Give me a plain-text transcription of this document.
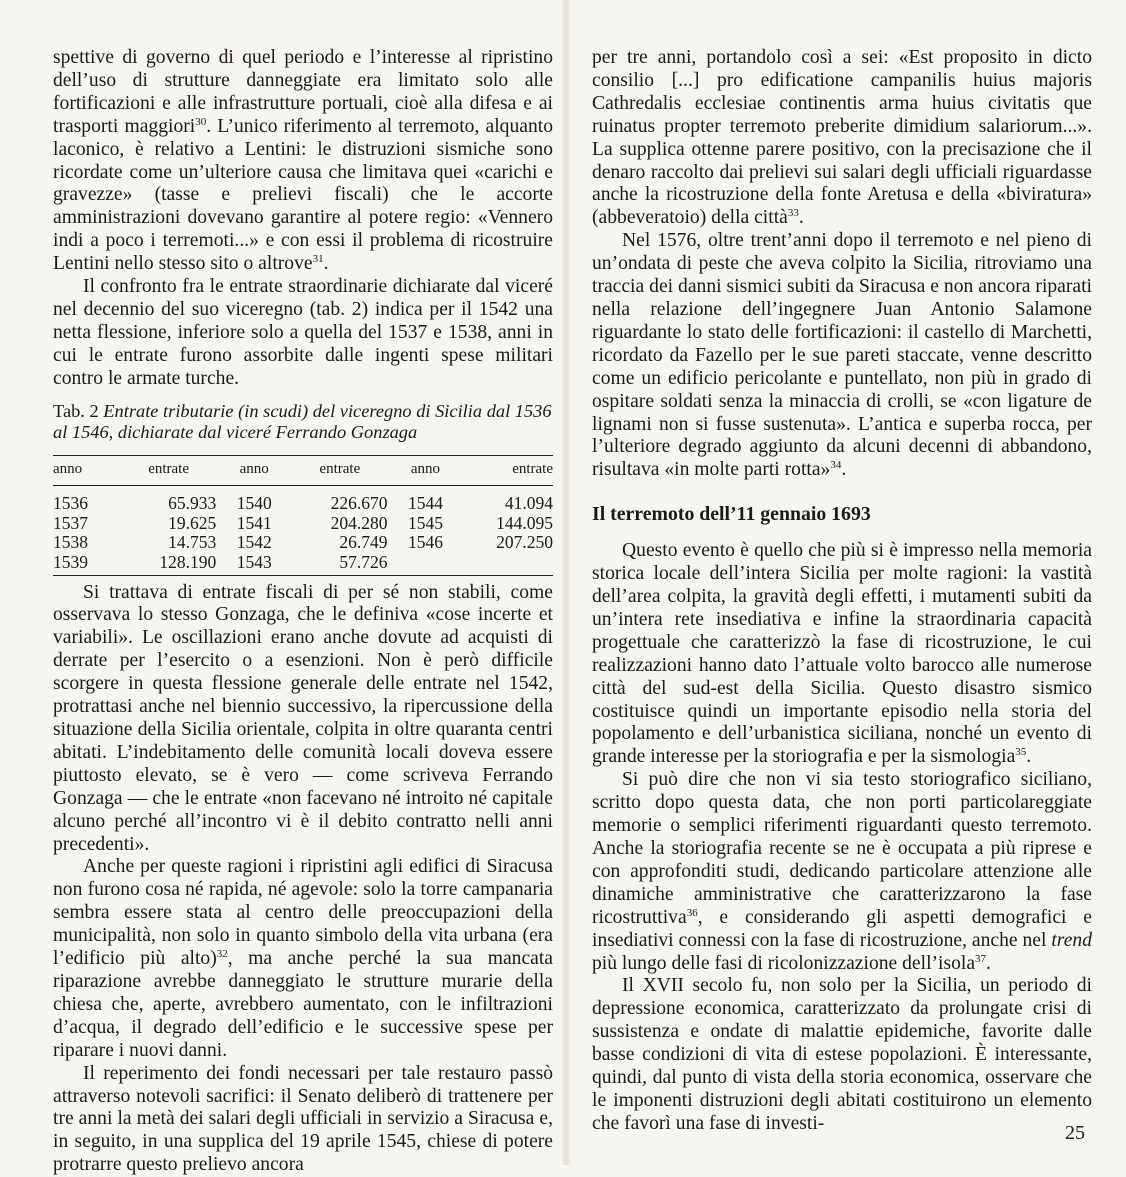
spettive di governo di quel periodo e l’interesse al ripristino dell’uso di strutture danneggiate era limitato solo alle fortificazioni e alle infrastrutture portuali, cioè alla difesa e ai trasporti maggiori$^{30}$. L’unico riferimento al terremoto, alquanto laconico, è relativo a Lentini: le distruzioni sismiche sono ricordate come un’ulteriore causa che limitava quei «carichi e gravezze» (tasse e prelievi fiscali) che le accorte amministrazioni dovevano garantire al potere regio: «Vennero indi a poco i terremoti...» e con essi il problema di ricostruire Lentini nello stesso sito o altrove$^{31}$.

Il confronto fra le entrate straordinarie dichiarate dal viceré nel decennio del suo viceregno (tab. 2) indica per il 1542 una netta flessione, inferiore solo a quella del 1537 e 1538, anni in cui le entrate furono assorbite dalle ingenti spese militari contro le armate turche.

Tab. 2 Entrate tributarie (in scudi) del viceregno di Sicilia dal 1536 al 1546, dichiarate dal viceré Ferrando Gonzaga
anno	entrate	anno	entrate	anno	entrate
1536	65.933	1540	226.670	1544	41.094
1537	19.625	1541	204.280	1545	144.095
1538	14.753	1542	26.749	1546	207.250
1539	128.190	1543	57.726		

Si trattava di entrate fiscali di per sé non stabili, come osservava lo stesso Gonzaga, che le definiva «cose incerte et variabili». Le oscillazioni erano anche dovute ad acquisti di derrate per l’esercito o a esenzioni. Non è però difficile scorgere in questa flessione generale delle entrate nel 1542, protrattasi anche nel biennio successivo, la ripercussione della situazione della Sicilia orientale, colpita in oltre quaranta centri abitati. L’indebitamento delle comunità locali doveva essere piuttosto elevato, se è vero — come scriveva Ferrando Gonzaga — che le entrate «non facevano né introito né capitale alcuno perché all’incontro vi è il debito contratto nelli anni precedenti».

Anche per queste ragioni i ripristini agli edifici di Siracusa non furono cosa né rapida, né agevole: solo la torre campanaria sembra essere stata al centro delle preoccupazioni della municipalità, non solo in quanto simbolo della vita urbana (era l’edificio più alto)$^{32}$, ma anche perché la sua mancata riparazione avrebbe danneggiato le strutture murarie della chiesa che, aperte, avrebbero aumentato, con le infiltrazioni d’acqua, il degrado dell’edificio e le successive spese per riparare i nuovi danni.

Il reperimento dei fondi necessari per tale restauro passò attraverso notevoli sacrifici: il Senato deliberò di trattenere per tre anni la metà dei salari degli ufficiali in servizio a Siracusa e, in seguito, in una supplica del 19 aprile 1545, chiese di potere protrarre questo prelievo ancora

per tre anni, portandolo così a sei: «Est proposito in dicto consilio [...] pro edificatione campanilis huius majoris Cathredalis ecclesiae continentis arma huius civitatis que ruinatus propter terremoto preberite dimidium salariorum...». La supplica ottenne parere positivo, con la precisazione che il denaro raccolto dai prelievi sui salari degli ufficiali riguardasse anche la ricostruzione della fonte Aretusa e della «biviratura» (abbeveratoio) della città$^{33}$.

Nel 1576, oltre trent’anni dopo il terremoto e nel pieno di un’ondata di peste che aveva colpito la Sicilia, ritroviamo una traccia dei danni sismici subiti da Siracusa e non ancora riparati nella relazione dell’ingegnere Juan Antonio Salamone riguardante lo stato delle fortificazioni: il castello di Marchetti, ricordato da Fazello per le sue pareti staccate, venne descritto come un edificio pericolante e puntellato, non più in grado di ospitare soldati senza la minaccia di crolli, se «con ligature de lignami non si fusse sustenuta». L’antica e superba rocca, per l’ulteriore degrado aggiunto da alcuni decenni di abbandono, risultava «in molte parti rotta»$^{34}$.

Il terremoto dell’11 gennaio 1693

Questo evento è quello che più si è impresso nella memoria storica locale dell’intera Sicilia per molte ragioni: la vastità dell’area colpita, la gravità degli effetti, i mutamenti subiti da un’intera rete insediativa e infine la straordinaria capacità progettuale che caratterizzò la fase di ricostruzione, le cui realizzazioni hanno dato l’attuale volto barocco alle numerose città del sud-est della Sicilia. Questo disastro sismico costituisce quindi un importante episodio nella storia del popolamento e dell’urbanistica siciliana, nonché un evento di grande interesse per la storiografia e per la sismologia$^{35}$.

Si può dire che non vi sia testo storiografico siciliano, scritto dopo questa data, che non porti particolareggiate memorie o semplici riferimenti riguardanti questo terremoto. Anche la storiografia recente se ne è occupata a più riprese e con approfonditi studi, dedicando particolare attenzione alle dinamiche amministrative che caratterizzarono la fase ricostruttiva$^{36}$, e considerando gli aspetti demografici e insediativi connessi con la fase di ricostruzione, anche nel trend più lungo delle fasi di ricolonizzazione dell’isola$^{37}$.

Il XVII secolo fu, non solo per la Sicilia, un periodo di depressione economica, caratterizzato da prolungate crisi di sussistenza e ondate di malattie epidemiche, favorite dalle basse condizioni di vita di estese popolazioni. È interessante, quindi, dal punto di vista della storia economica, osservare che le imponenti distruzioni degli abitati costituirono un elemento che favorì una fase di investi-	25
